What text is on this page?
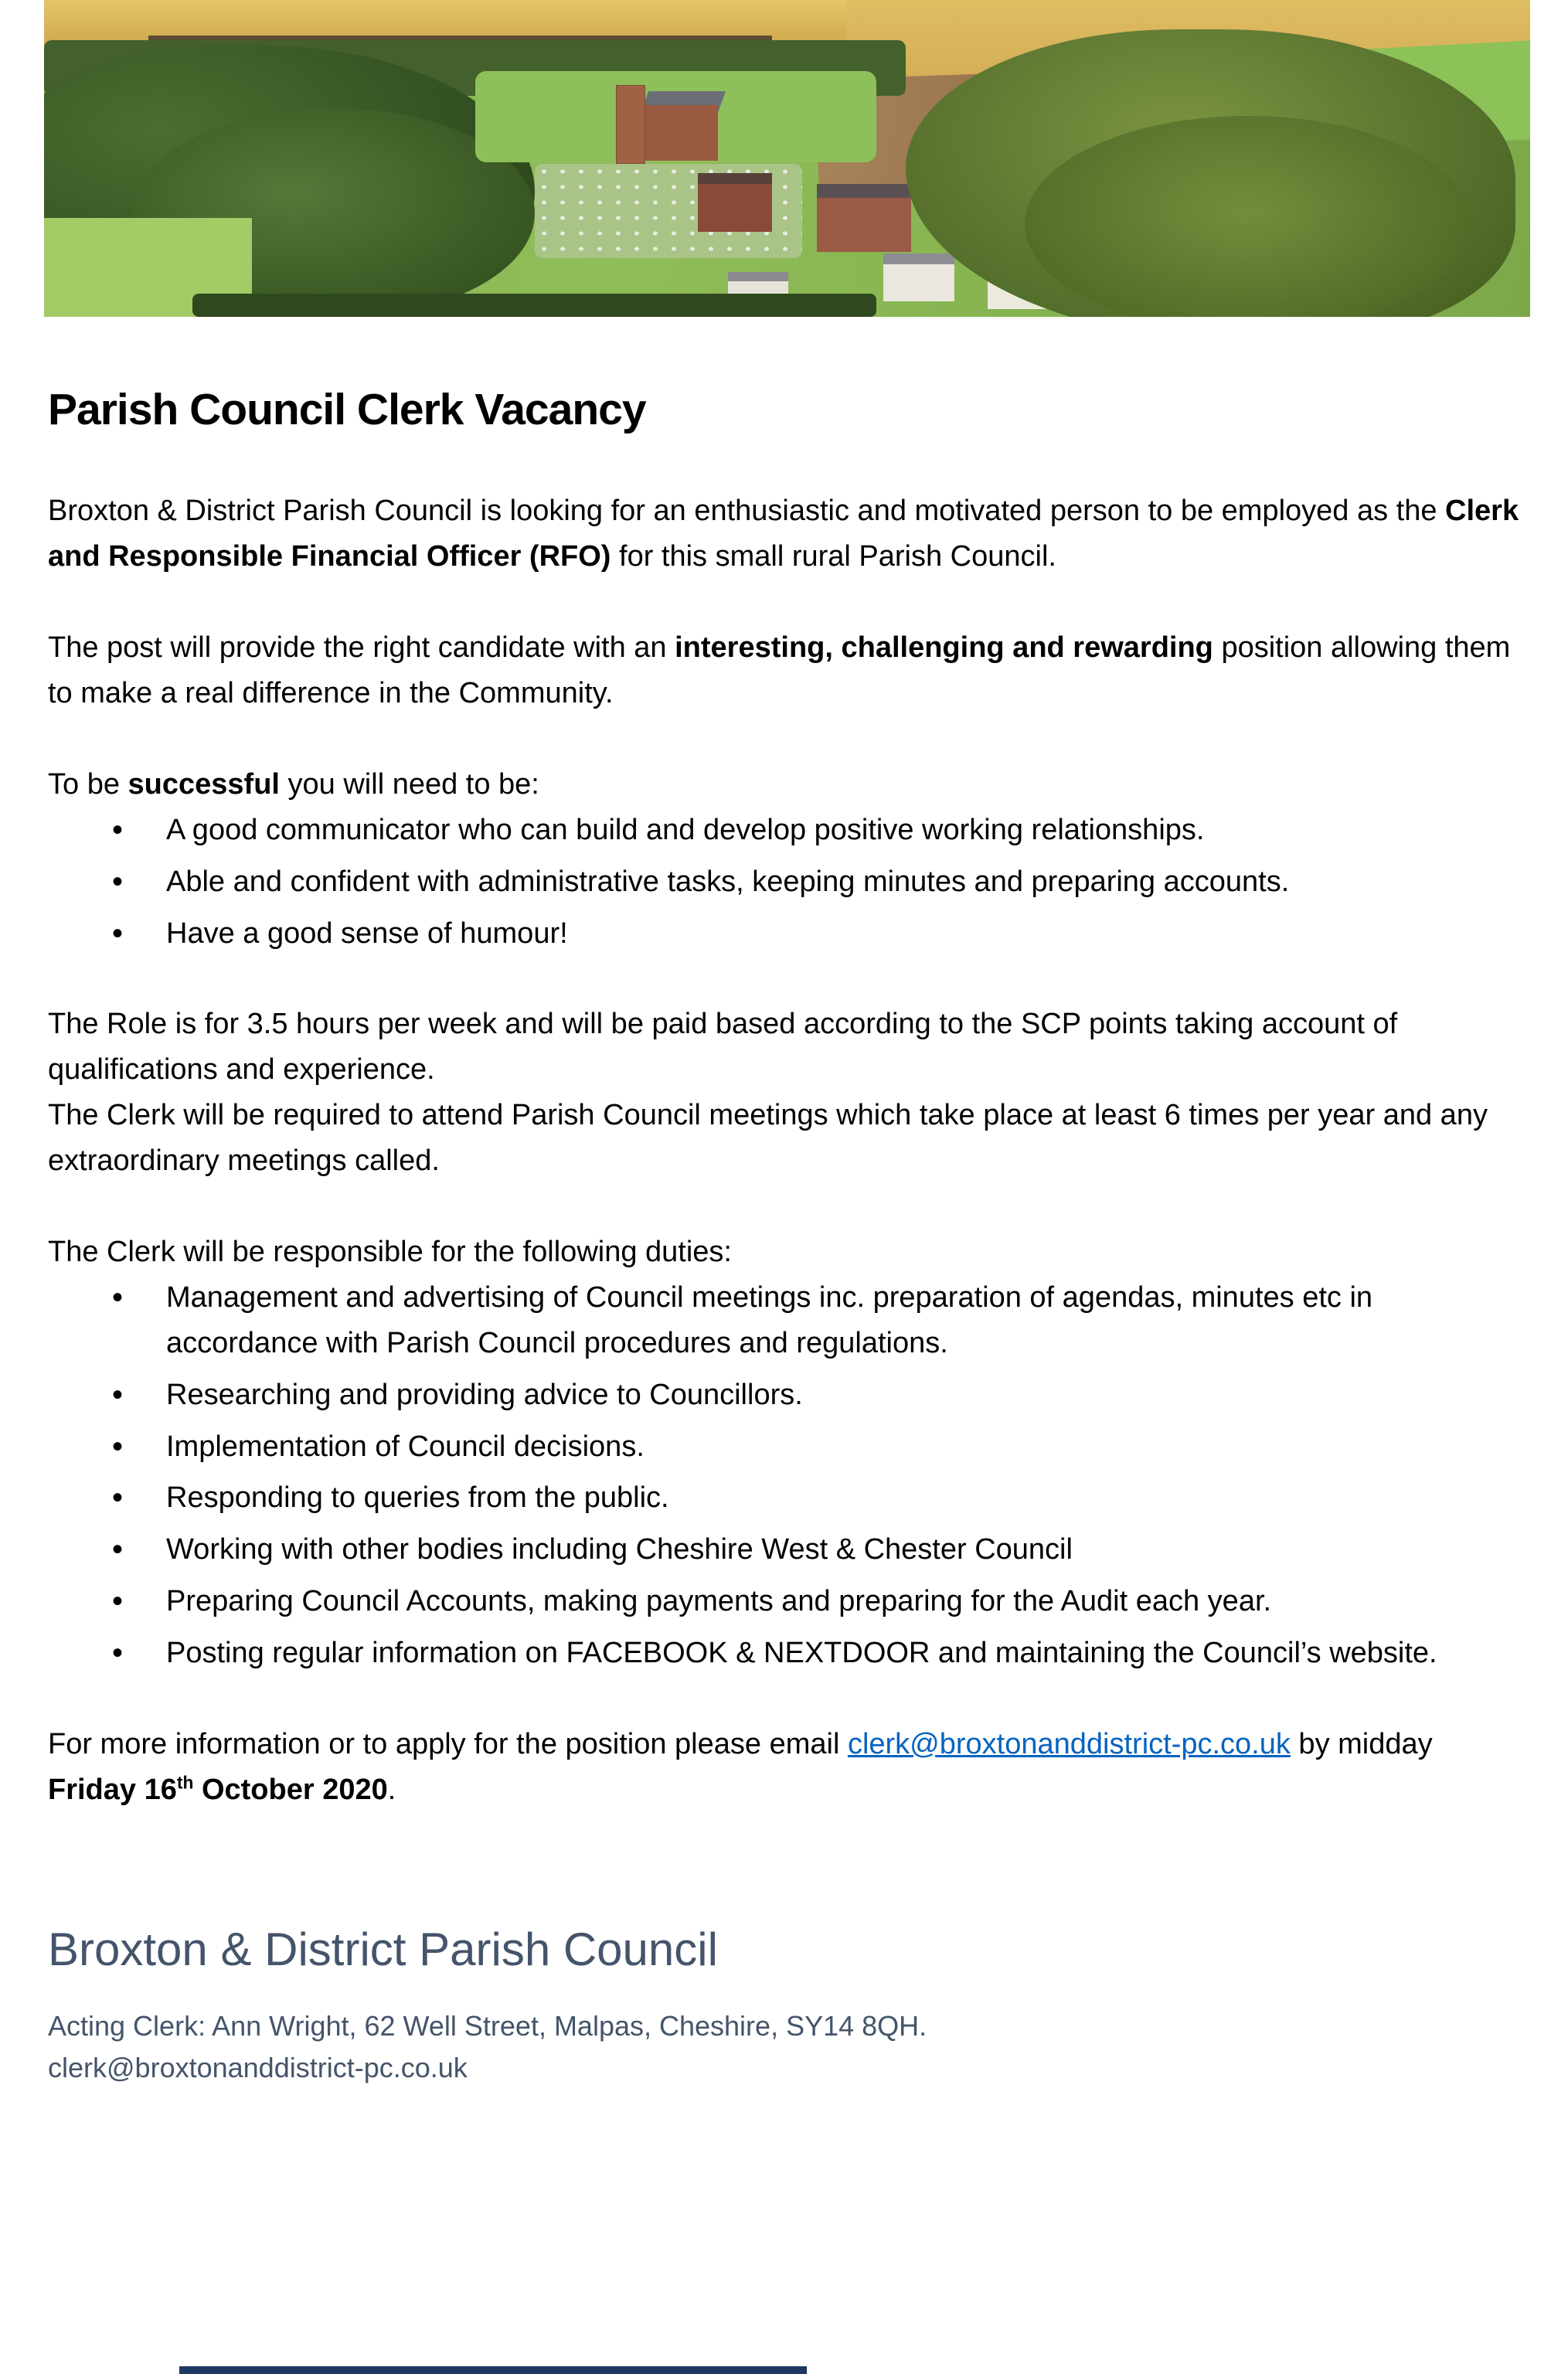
Parish Council Clerk Vacancy

Broxton & District Parish Council is looking for an enthusiastic and motivated person to be employed as the Clerk and Responsible Financial Officer (RFO) for this small rural Parish Council.

The post will provide the right candidate with an interesting, challenging and rewarding position allowing them to make a real difference in the Community.

To be successful you will need to be:

• A good communicator who can build and develop positive working relationships.
• Able and confident with administrative tasks, keeping minutes and preparing accounts.
• Have a good sense of humour!

The Role is for 3.5 hours per week and will be paid based according to the SCP points taking account of qualifications and experience.

The Clerk will be required to attend Parish Council meetings which take place at least 6 times per year and any extraordinary meetings called.

The Clerk will be responsible for the following duties:

• Management and advertising of Council meetings inc. preparation of agendas, minutes etc in accordance with Parish Council procedures and regulations.
• Researching and providing advice to Councillors.
• Implementation of Council decisions.
• Responding to queries from the public.
• Working with other bodies including Cheshire West & Chester Council
• Preparing Council Accounts, making payments and preparing for the Audit each year.
• Posting regular information on FACEBOOK & NEXTDOOR and maintaining the Council’s website.

For more information or to apply for the position please email clerk@broxtonanddistrict-pc.co.uk by midday Friday 16th October 2020.

Broxton & District Parish Council

Acting Clerk: Ann Wright, 62 Well Street, Malpas, Cheshire, SY14 8QH.

clerk@broxtonanddistrict-pc.co.uk
